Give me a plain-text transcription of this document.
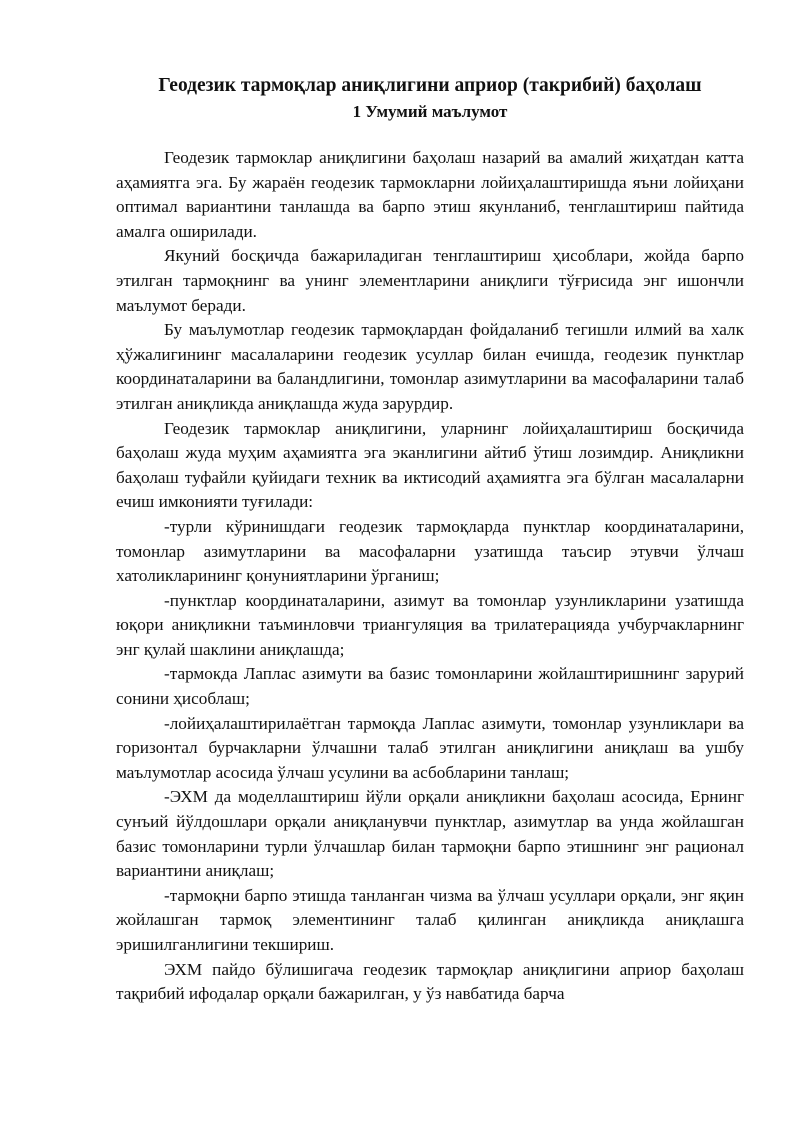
Геодезик тармоқлар аниқлигини априор (такрибий) баҳолаш
1 Умумий маълумот

Геодезик тармоклар аниқлигини баҳолаш назарий ва амалий жиҳатдан катта аҳамиятга эга. Бу жараён геодезик тармокларни лойиҳалаштиришда яъни лойиҳани оптимал вариантини танлашда ва барпо этиш якунланиб, тенглаштириш пайтида амалга оширилади.

Якуний босқичда бажариладиган тенглаштириш ҳисоблари, жойда барпо этилган тармоқнинг ва унинг элементларини аниқлиги тўғрисида энг ишончли маълумот беради.

Бу маълумотлар геодезик тармоқлардан фойдаланиб тегишли илмий ва халк ҳўжалигининг масалаларини геодезик усуллар билан ечишда, геодезик пунктлар координаталарини ва баландлигини, томонлар азимутларини ва масофаларини талаб этилган аниқликда аниқлашда жуда зарурдир.

Геодезик тармоклар аниқлигини, уларнинг лойиҳалаштириш босқичида баҳолаш жуда муҳим аҳамиятга эга эканлигини айтиб ўтиш лозимдир. Аниқликни баҳолаш туфайли қуйидаги техник ва иктисодий аҳамиятга эга бўлган масалаларни ечиш имконияти туғилади:

-турли кўринишдаги геодезик тармоқларда пунктлар координаталарини, томонлар азимутларини ва масофаларни узатишда таъсир этувчи ўлчаш хатоликларининг қонуниятларини ўрганиш;

-пунктлар координаталарини, азимут ва томонлар узунликларини узатишда юқори аниқликни таъминловчи триангуляция ва трилатерацияда учбурчакларнинг энг қулай шаклини аниқлашда;

-тармокда Лаплас азимути ва базис томонларини жойлаштиришнинг зарурий сонини ҳисоблаш;

-лойиҳалаштирилаётган тармоқда Лаплас азимути, томонлар узунликлари ва горизонтал бурчакларни ўлчашни талаб этилган аниқлигини аниқлаш ва ушбу маълумотлар асосида ўлчаш усулини ва асбобларини танлаш;

-ЭХМ да моделлаштириш йўли орқали аниқликни баҳолаш асосида, Ернинг сунъий йўлдошлари орқали аниқланувчи пунктлар, азимутлар ва унда жойлашган базис томонларини турли ўлчашлар билан тармоқни барпо этишнинг энг рационал вариантини аниқлаш;

-тармоқни барпо этишда танланган чизма ва ўлчаш усуллари орқали, энг яқин жойлашган тармоқ элементининг талаб қилинган аниқликда аниқлашга эришилганлигини текшириш.

ЭХМ пайдо бўлишигача геодезик тармоқлар аниқлигини априор баҳолаш тақрибий ифодалар орқали бажарилган, у ўз навбатида барча
